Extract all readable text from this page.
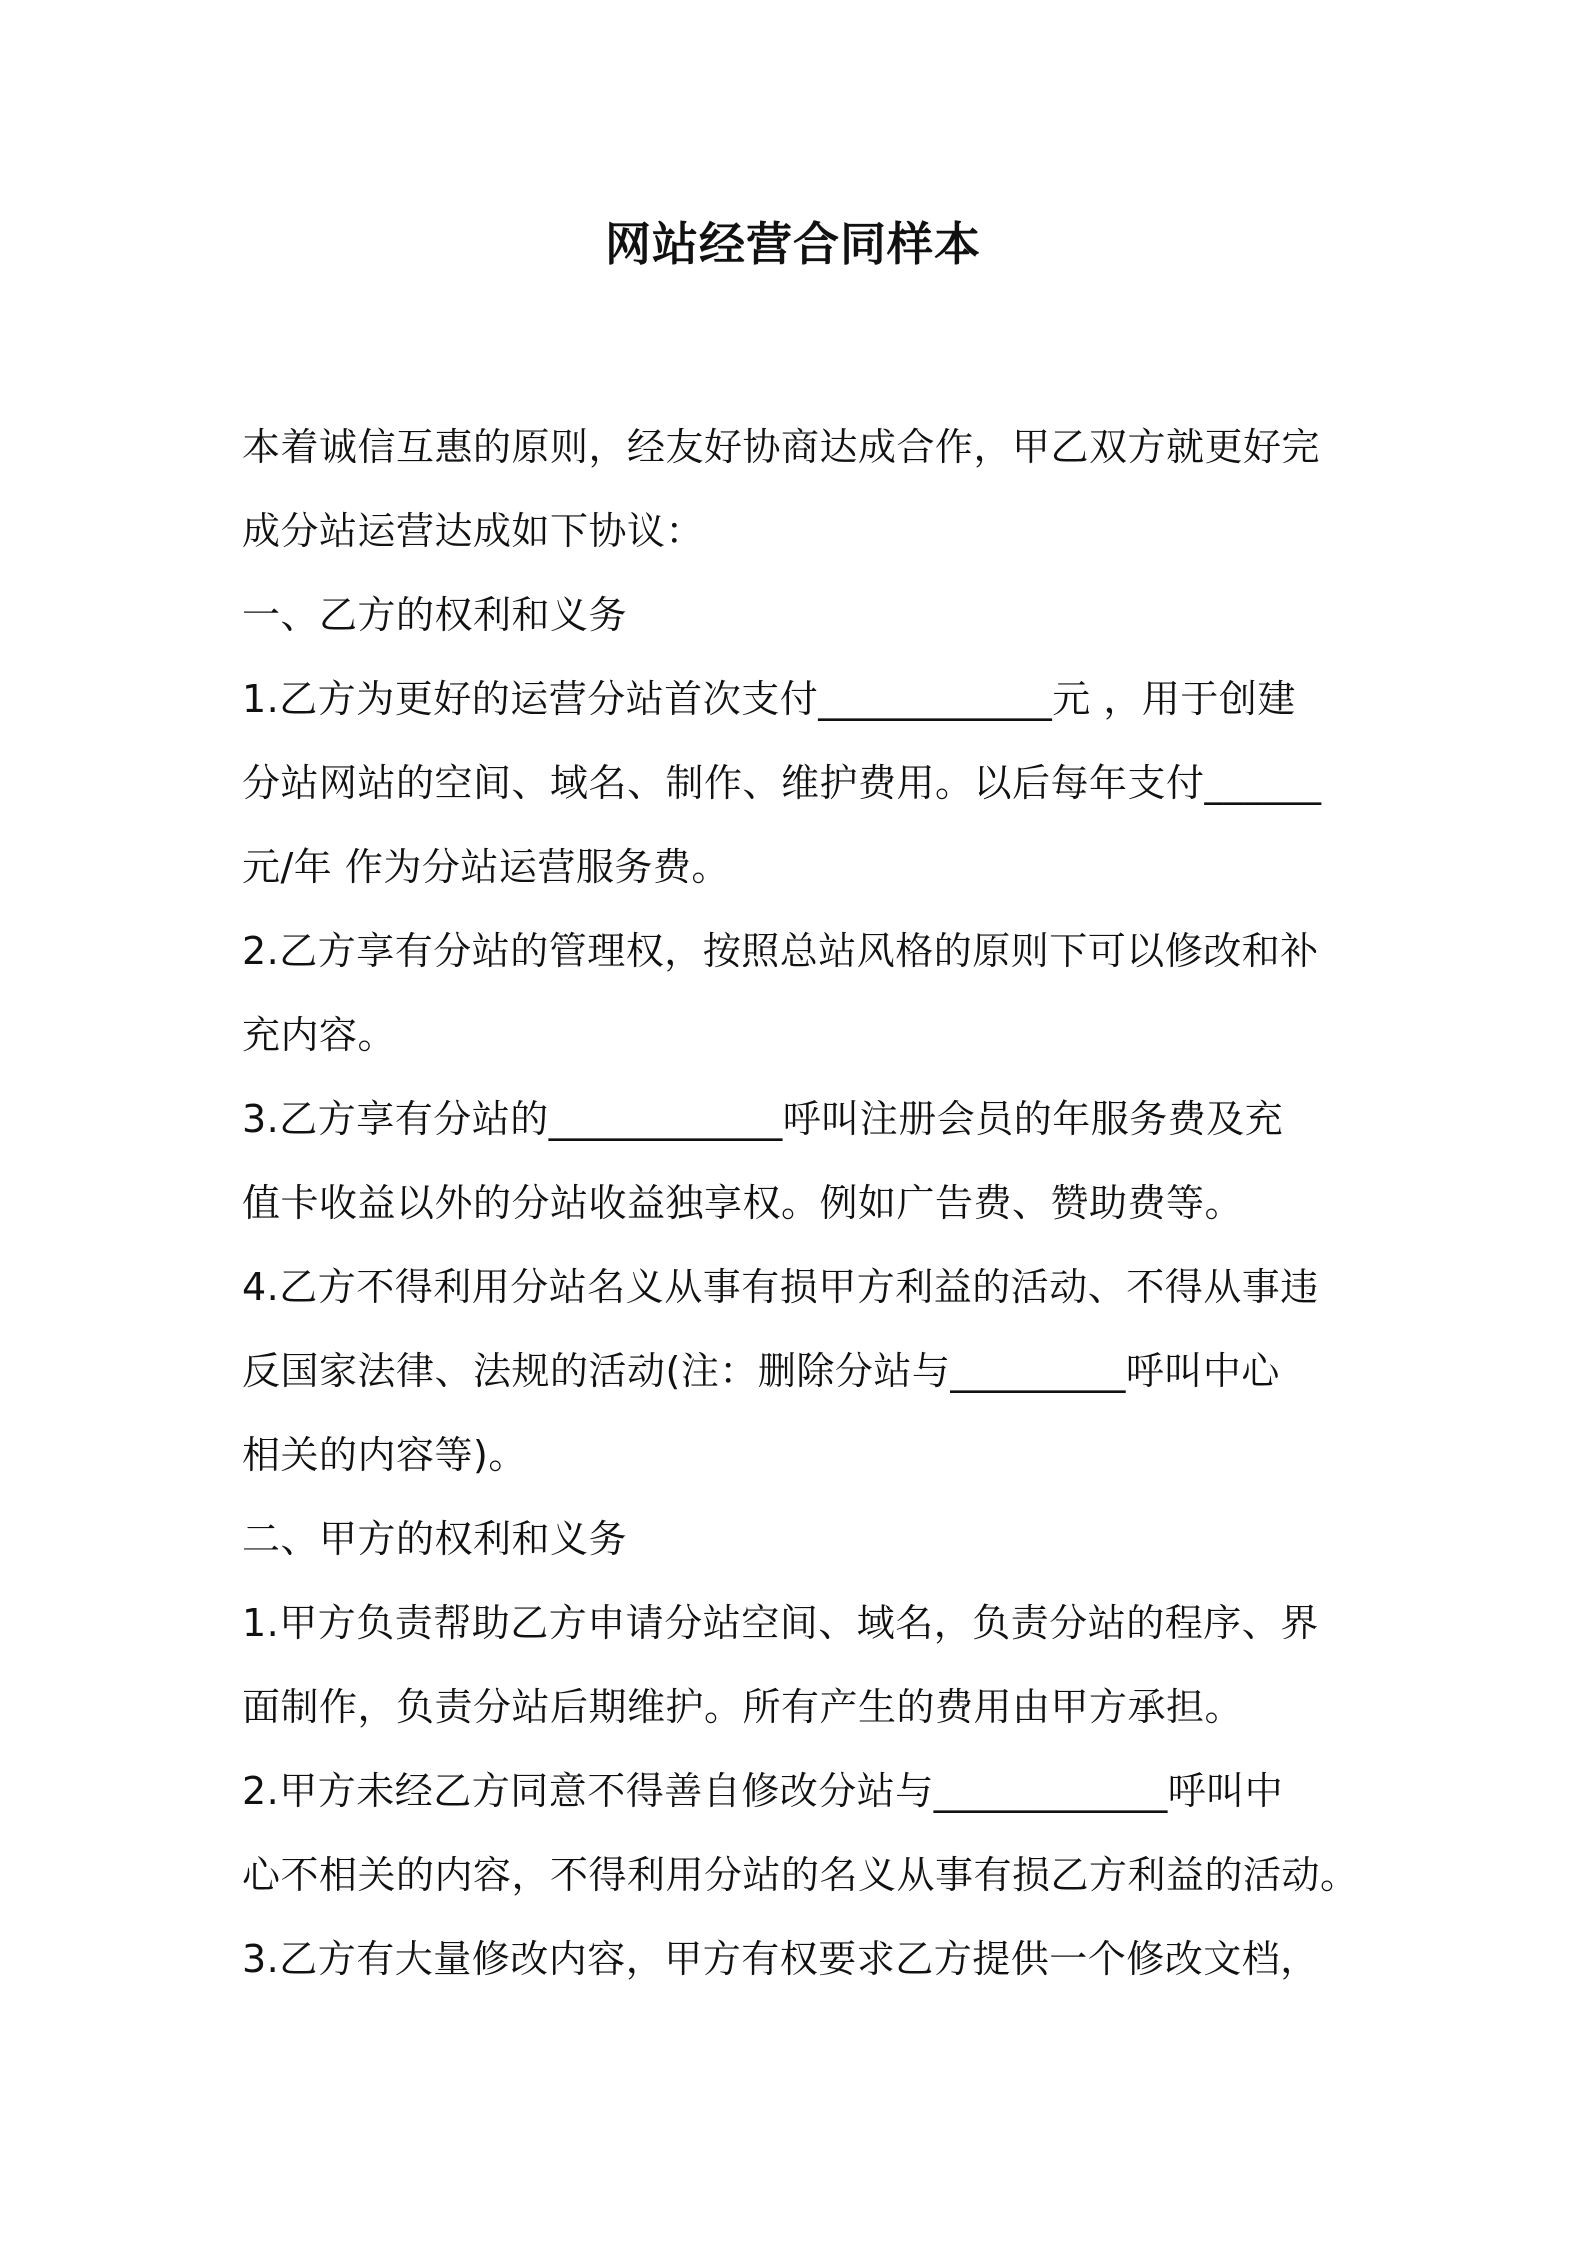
网站经营合同样本
本着诚信互惠的原则，经友好协商达成合作，甲乙双方就更好完
成分站运营达成如下协议：
一、乙方的权利和义务
1.乙方为更好的运营分站首次支付____________元 ，用于创建
分站网站的空间、域名、制作、维护费用。以后每年支付______
元/年 作为分站运营服务费。
2.乙方享有分站的管理权，按照总站风格的原则下可以修改和补
充内容。
3.乙方享有分站的____________呼叫注册会员的年服务费及充
值卡收益以外的分站收益独享权。例如广告费、赞助费等。
4.乙方不得利用分站名义从事有损甲方利益的活动、不得从事违
反国家法律、法规的活动(注：删除分站与_________呼叫中心
相关的内容等)。
二、甲方的权利和义务
1.甲方负责帮助乙方申请分站空间、域名，负责分站的程序、界
面制作，负责分站后期维护。所有产生的费用由甲方承担。
2.甲方未经乙方同意不得善自修改分站与____________呼叫中
心不相关的内容，不得利用分站的名义从事有损乙方利益的活动。
3.乙方有大量修改内容，甲方有权要求乙方提供一个修改文档，
